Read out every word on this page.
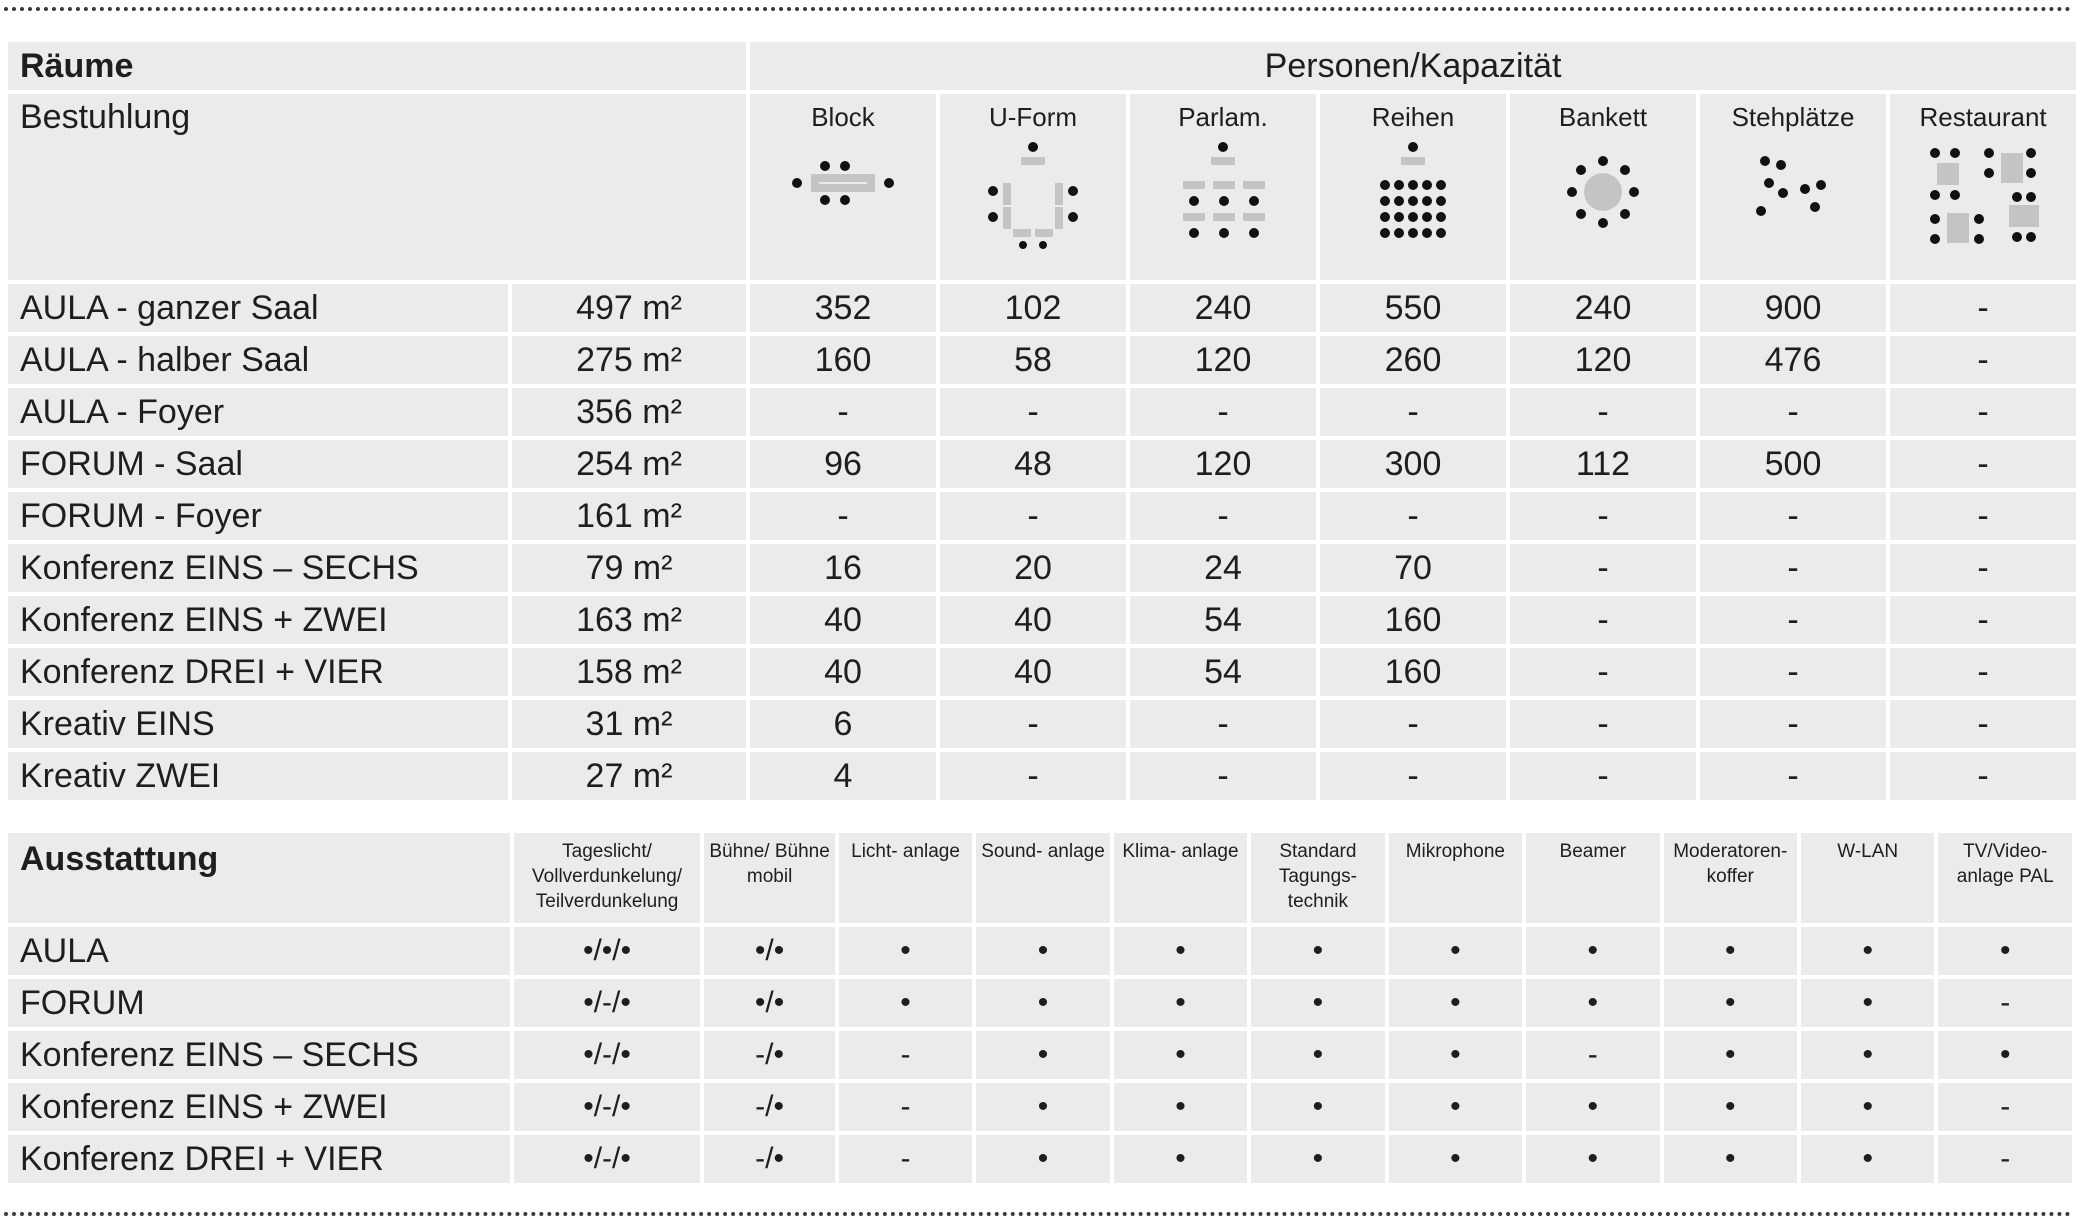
Räume		Personen/Kapazität						
Bestuhlung		Block	U-Form	Parlam.	Reihen	Bankett	Stehplätze	Restaurant

AULA - ganzer Saal	497 m²	352	102	240	550	240	900	-
AULA - halber Saal	275 m²	160	58	120	260	120	476	-
AULA - Foyer	356 m²	-	-	-	-	-	-	-
FORUM - Saal	254 m²	96	48	120	300	112	500	-
FORUM - Foyer	161 m²	-	-	-	-	-	-	-
Konferenz EINS – SECHS	79 m²	16	20	24	70	-	-	-
Konferenz EINS + ZWEI	163 m²	40	40	54	160	-	-	-
Konferenz DREI + VIER	158 m²	40	40	54	160	-	-	-
Kreativ EINS	31 m²	6	-	-	-	-	-	-
Kreativ ZWEI	27 m²	4	-	-	-	-	-	-
Ausstattung	Tageslicht/ Vollverdunkelung/ Teilverdunkelung	Bühne/ Bühne mobil	Licht- anlage	Sound- anlage	Klima- anlage	Standard Tagungs- technik	Mikrophone	Beamer	Moderatoren- koffer	W-LAN	TV/Video- anlage PAL
AULA	•/•/•	•/•	•	•	•	•	•	•	•	•	•
FORUM	•/-/•	•/•	•	•	•	•	•	•	•	•	-
Konferenz EINS – SECHS	•/-/•	-/•	-	•	•	•	•	-	•	•	•
Konferenz EINS + ZWEI	•/-/•	-/•	-	•	•	•	•	•	•	•	-
Konferenz DREI + VIER	•/-/•	-/•	-	•	•	•	•	•	•	•	-
